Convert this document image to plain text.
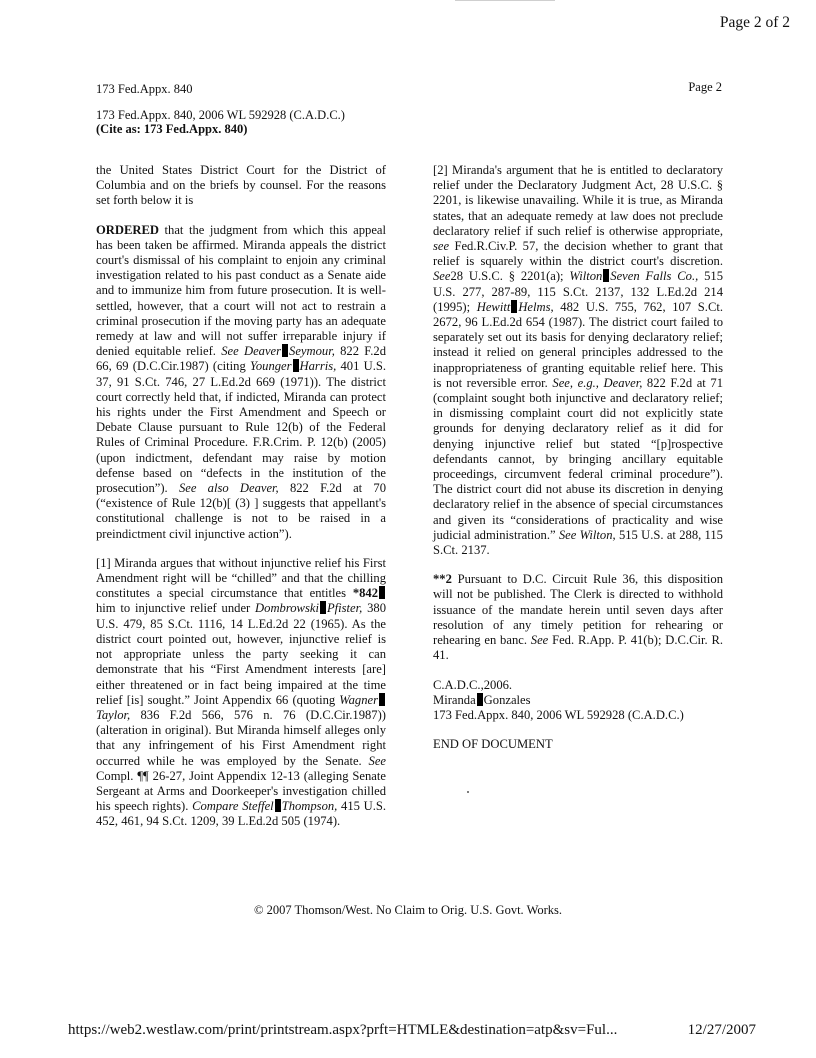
Page 2 of 2
173 Fed.Appx. 840	Page 2
173 Fed.Appx. 840, 2006 WL 592928 (C.A.D.C.)
(Cite as: 173 Fed.Appx. 840)

the United States District Court for the District of Columbia and on the briefs by counsel. For the reasons set forth below it is

ORDERED that the judgment from which this appeal has been taken be affirmed. Miranda appeals the district court's dismissal of his complaint to enjoin any criminal investigation related to his past conduct as a Senate aide and to immunize him from future prosecution. It is well-settled, however, that a court will not act to restrain a criminal prosecution if the moving party has an adequate remedy at law and will not suffer irreparable injury if denied equitable relief. See Deaver Seymour, 822 F.2d 66, 69 (D.C.Cir.1987) (citing Younger Harris, 401 U.S. 37, 91 S.Ct. 746, 27 L.Ed.2d 669 (1971)). The district court correctly held that, if indicted, Miranda can protect his rights under the First Amendment and Speech or Debate Clause pursuant to Rule 12(b) of the Federal Rules of Criminal Procedure. F.R.Crim. P. 12(b) (2005) (upon indictment, defendant may raise by motion defense based on “defects in the institution of the prosecution”). See also Deaver, 822 F.2d at 70 (“existence of Rule 12(b)[ (3) ] suggests that appellant's constitutional challenge is not to be raised in a preindictment civil injunctive action”).

[1] Miranda argues that without injunctive relief his First Amendment right will be “chilled” and that the chilling constitutes a special circumstance that entitles *842 him to injunctive relief under Dombrowski Pfister, 380 U.S. 479, 85 S.Ct. 1116, 14 L.Ed.2d 22 (1965). As the district court pointed out, however, injunctive relief is not appropriate unless the party seeking it can demonstrate that his “First Amendment interests [are] either threatened or in fact being impaired at the time relief [is] sought.” Joint Appendix 66 (quoting WagnerTaylor, 836 F.2d 566, 576 n. 76 (D.C.Cir.1987)) (alteration in original). But Miranda himself alleges only that any infringement of his First Amendment right occurred while he was employed by the Senate. See Compl. ¶¶ 26-27, Joint Appendix 12-13 (alleging Senate Sergeant at Arms and Doorkeeper's investigation chilled his speech rights). Compare Steffel Thompson, 415 U.S. 452, 461, 94 S.Ct. 1209, 39 L.Ed.2d 505 (1974).

[2] Miranda's argument that he is entitled to declaratory relief under the Declaratory Judgment Act, 28 U.S.C. § 2201, is likewise unavailing. While it is true, as Miranda states, that an adequate remedy at law does not preclude declaratory relief if such relief is otherwise appropriate, see Fed.R.Civ.P. 57, the decision whether to grant that relief is squarely within the district court's discretion. See28 U.S.C. § 2201(a); Wilton Seven Falls Co., 515 U.S. 277, 287-89, 115 S.Ct. 2137, 132 L.Ed.2d 214 (1995); Hewitt Helms, 482 U.S. 755, 762, 107 S.Ct. 2672, 96 L.Ed.2d 654 (1987). The district court failed to separately set out its basis for denying declaratory relief; instead it relied on general principles addressed to the inappropriateness of granting equitable relief here. This is not reversible error. See, e.g., Deaver, 822 F.2d at 71 (complaint sought both injunctive and declaratory relief; in dismissing complaint court did not explicitly state grounds for denying declaratory relief as it did for denying injunctive relief but stated “[p]rospective defendants cannot, by bringing ancillary equitable proceedings, circumvent federal criminal procedure”). The district court did not abuse its discretion in denying declaratory relief in the absence of special circumstances and given its “considerations of practicality and wise judicial administration.” See Wilton, 515 U.S. at 288, 115 S.Ct. 2137.

**2 Pursuant to D.C. Circuit Rule 36, this disposition will not be published. The Clerk is directed to withhold issuance of the mandate herein until seven days after resolution of any timely petition for rehearing or rehearing en banc. See Fed. R.App. P. 41(b); D.C.Cir. R. 41.

C.A.D.C.,2006.
Miranda Gonzales
173 Fed.Appx. 840, 2006 WL 592928 (C.A.D.C.)
END OF DOCUMENT
© 2007 Thomson/West. No Claim to Orig. U.S. Govt. Works.
https://web2.westlaw.com/print/printstream.aspx?prft=HTMLE&destination=atp&sv=Ful...	12/27/2007
